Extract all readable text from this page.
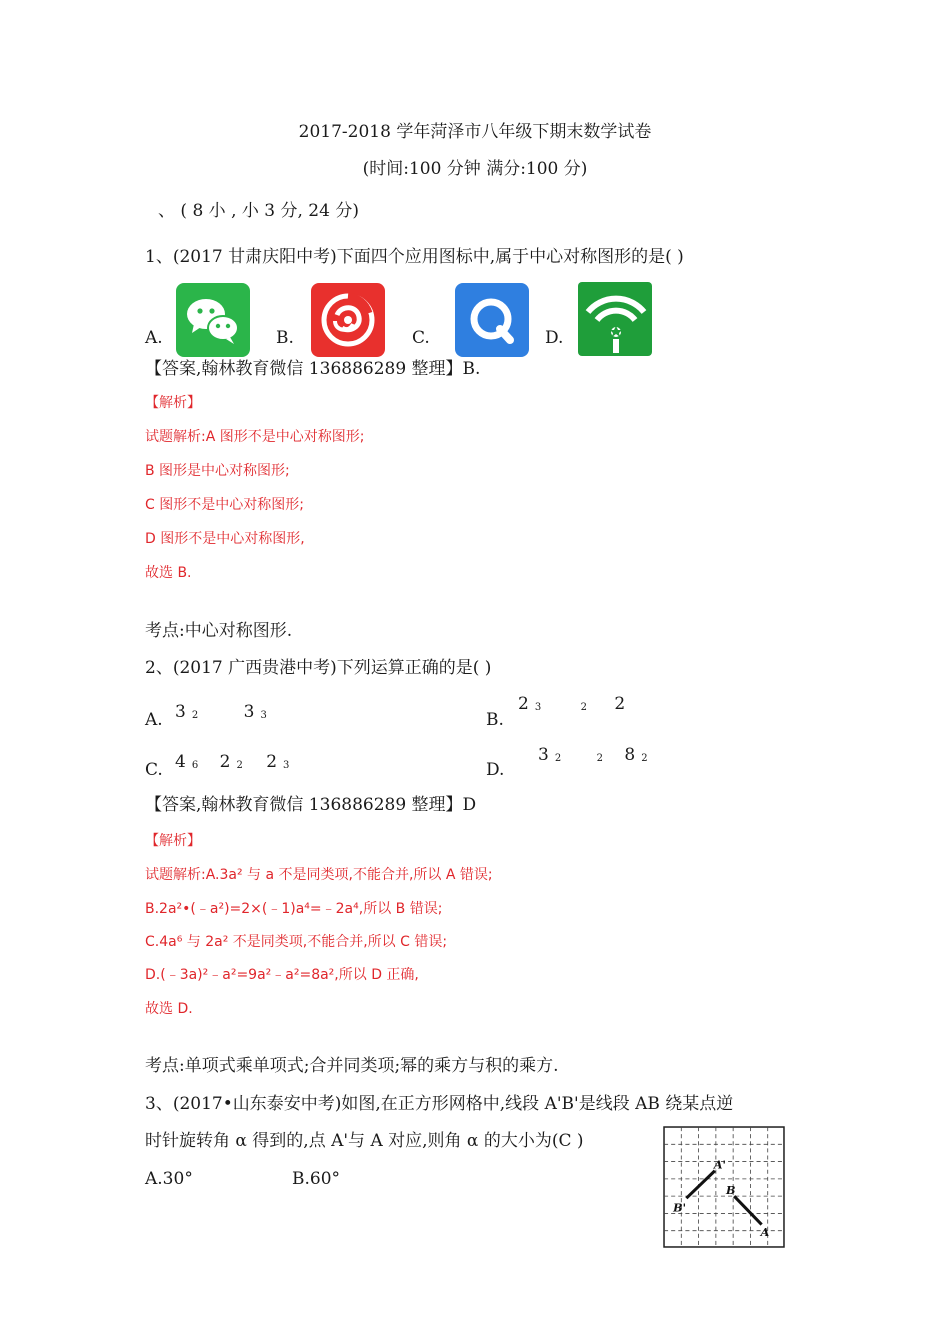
2017-2018 学年菏泽市八年级下期末数学试卷
(时间:100 分钟 满分:100 分)
、 ( 8 小 , 小 3 分, 24 分)
1、(2017 甘肃庆阳中考)下面四个应用图标中,属于中心对称图形的是( )
A.	B.	C.	D.
【答案,翰林教育微信 136886289 整理】B.
【解析】
试题解析:A 图形不是中心对称图形;
B 图形是中心对称图形;
C 图形不是中心对称图形;
D 图形不是中心对称图形,
故选 B.
考点:中心对称图形.
2、(2017 广西贵港中考)下列运算正确的是( )
A. 3 2	3 3	B.
2 3	2 2
C. 4 6 2 2 2 3	D.
3 2	2 8 2
【答案,翰林教育微信 136886289 整理】D
【解析】
试题解析:A.3a² 与 a 不是同类项,不能合并,所以 A 错误;
B.2a²•(﹣a²)=2×(﹣1)a⁴=﹣2a⁴,所以 B 错误;
C.4a⁶ 与 2a² 不是同类项,不能合并,所以 C 错误;
D.(﹣3a)²﹣a²=9a²﹣a²=8a²,所以 D 正确,
故选 D.
考点:单项式乘单项式;合并同类项;幂的乘方与积的乘方.
3、(2017•山东泰安中考)如图,在正方形网格中,线段 A'B'是线段 AB 绕某点逆
时针旋转角 α 得到的,点 A'与 A 对应,则角 α 的大小为(C )
A.30°	B.60°
A'
B'
B
A
